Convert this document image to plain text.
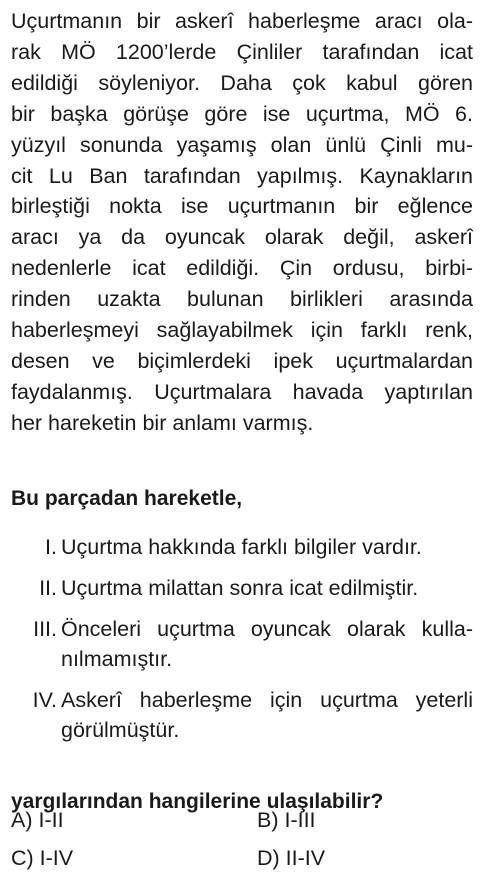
Uçurtmanın bir askerî haberleşme aracı ola-
rak MÖ 1200’lerde Çinliler tarafından icat
edildiği söyleniyor. Daha çok kabul gören
bir başka görüşe göre ise uçurtma, MÖ 6.
yüzyıl sonunda yaşamış olan ünlü Çinli mu-
cit Lu Ban tarafından yapılmış. Kaynakların
birleştiği nokta ise uçurtmanın bir eğlence
aracı ya da oyuncak olarak değil, askerî
nedenlerle icat edildiği. Çin ordusu, birbi-
rinden uzakta bulunan birlikleri arasında
haberleşmeyi sağlayabilmek için farklı renk,
desen ve biçimlerdeki ipek uçurtmalardan
faydalanmış. Uçurtmalara havada yaptırılan
her hareketin bir anlamı varmış.
Bu parçadan hareketle,
I. Uçurtma hakkında farklı bilgiler vardır.
II. Uçurtma milattan sonra icat edilmiştir.
III. Önceleri uçurtma oyuncak olarak kulla-
nılmamıştır.
IV. Askerî haberleşme için uçurtma yeterli
görülmüştür.
yargılarından hangilerine ulaşılabilir?
A) I-II	B) I-III
C) I-IV	D) II-IV
